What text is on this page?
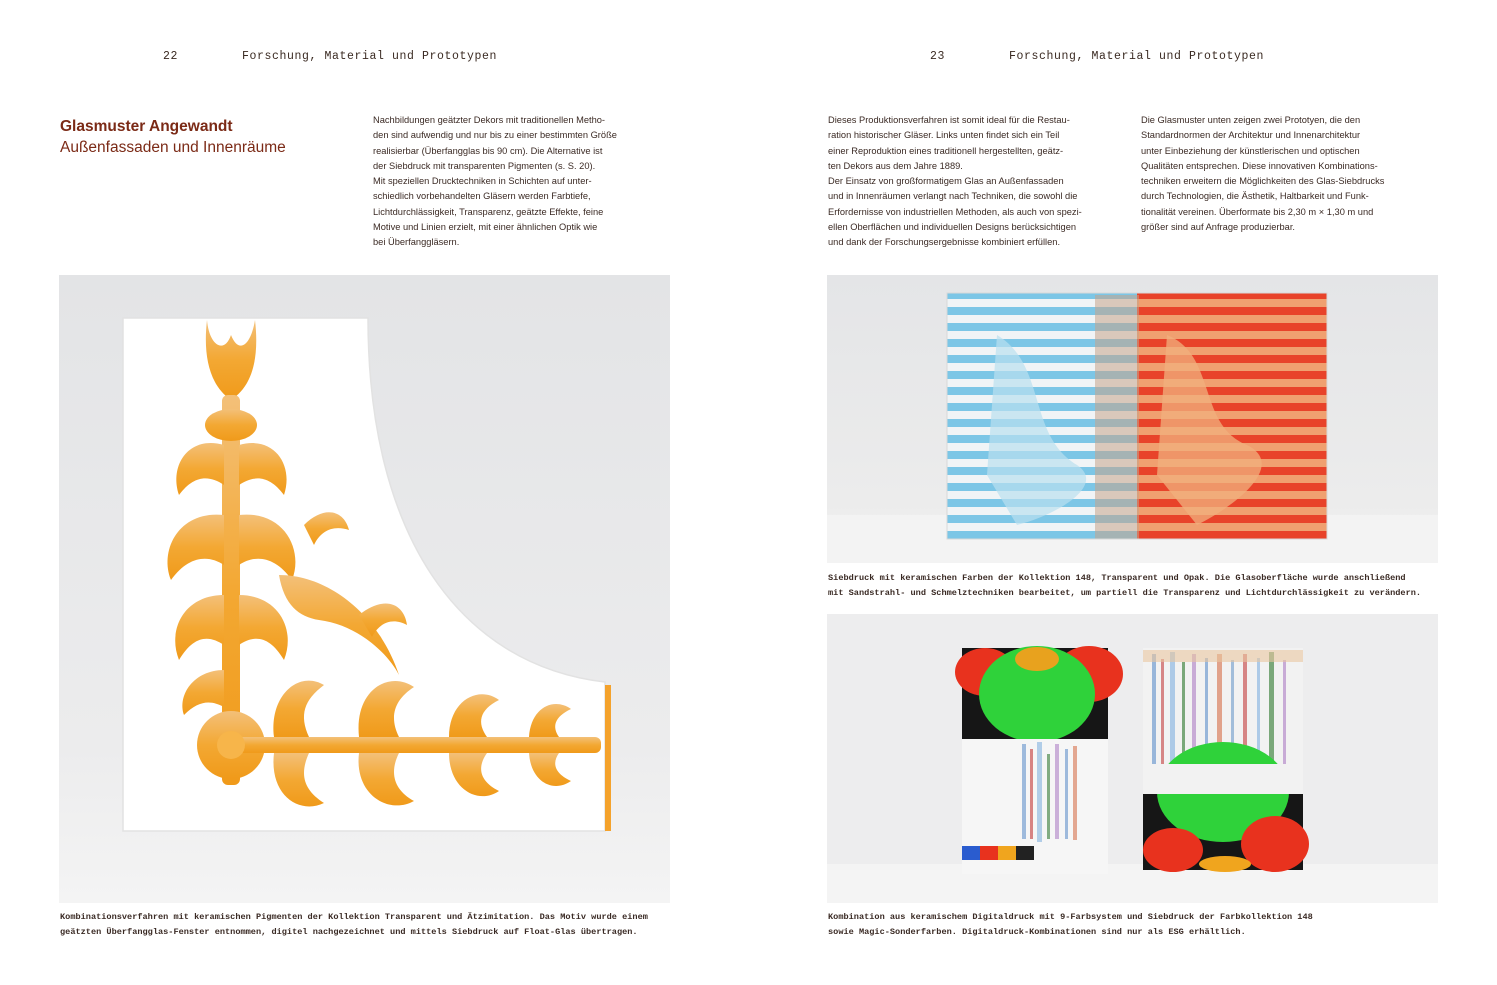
22	Forschung, Material und Prototypen
Glasmuster Angewandt
Außenfassaden und Innenräume

Nachbildungen geätzter Dekors mit traditionellen Metho-

den sind aufwendig und nur bis zu einer bestimmten Größe

realisierbar (Überfangglas bis 90 cm). Die Alternative ist

der Siebdruck mit transparenten Pigmenten (s. S. 20).

Mit speziellen Drucktechniken in Schichten auf unter-

schiedlich vorbehandelten Gläsern werden Farbtiefe,

Lichtdurchlässigkeit, Transparenz, geätzte Effekte, feine

Motive und Linien erzielt, mit einer ähnlichen Optik wie

bei Überfanggläsern.

Kombinationsverfahren mit keramischen Pigmenten der Kollektion Transparent und Ätzimitation. Das Motiv wurde einem
geätzten Überfangglas-Fenster entnommen, digitel nachgezeichnet und mittels Siebdruck auf Float-Glas übertragen.
23	Forschung, Material und Prototypen

Dieses Produktionsverfahren ist somit ideal für die Restau-

ration historischer Gläser. Links unten findet sich ein Teil

einer Reproduktion eines traditionell hergestellten, geätz-

ten Dekors aus dem Jahre 1889.

Der Einsatz von großformatigem Glas an Außenfassaden

und in Innenräumen verlangt nach Techniken, die sowohl die

Erfordernisse von industriellen Methoden, als auch von spezi-

ellen Oberflächen und individuellen Designs berücksichtigen

und dank der Forschungsergebnisse kombiniert erfüllen.

Die Glasmuster unten zeigen zwei Prototyen, die den

Standardnormen der Architektur und Innenarchitektur

unter Einbeziehung der künstlerischen und optischen

Qualitäten entsprechen. Diese innovativen Kombinations-

techniken erweitern die Möglichkeiten des Glas-Siebdrucks

durch Technologien, die Ästhetik, Haltbarkeit und Funk-

tionalität vereinen. Überformate bis 2,30 m × 1,30 m und

größer sind auf Anfrage produzierbar.

Siebdruck mit keramischen Farben der Kollektion 148, Transparent und Opak. Die Glasoberfläche wurde anschließend
mit Sandstrahl- und Schmelztechniken bearbeitet, um partiell die Transparenz und Lichtdurchlässigkeit zu verändern.
Kombination aus keramischem Digitaldruck mit 9-Farbsystem und Siebdruck der Farbkollektion 148
sowie Magic-Sonderfarben. Digitaldruck-Kombinationen sind nur als ESG erhältlich.
